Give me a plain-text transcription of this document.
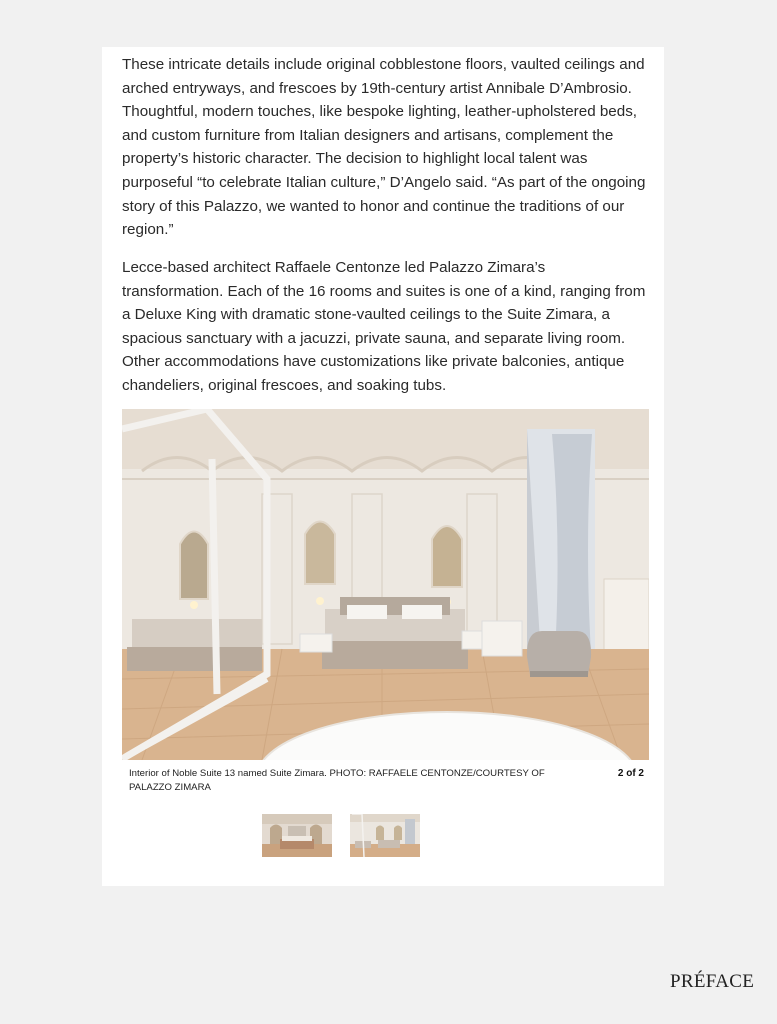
These intricate details include original cobblestone floors, vaulted ceilings and arched entryways, and frescoes by 19th-century artist Annibale D’Ambrosio. Thoughtful, modern touches, like bespoke lighting, leather-upholstered beds, and custom furniture from Italian designers and artisans, complement the property’s historic character. The decision to highlight local talent was purposeful “to celebrate Italian culture,” D’Angelo said. “As part of the ongoing story of this Palazzo, we wanted to honor and continue the traditions of our region.”

Lecce-based architect Raffaele Centonze led Palazzo Zimara’s transformation. Each of the 16 rooms and suites is one of a kind, ranging from a Deluxe King with dramatic stone-vaulted ceilings to the Suite Zimara, a spacious sanctuary with a jacuzzi, private sauna, and separate living room. Other accommodations have customizations like private balconies, antique chandeliers, original frescoes, and soaking tubs.

Interior of Noble Suite 13 named Suite Zimara. PHOTO: RAFFAELE CENTONZE/COURTESY OF PALAZZO ZIMARA

2 of 2
PRÉFACE
